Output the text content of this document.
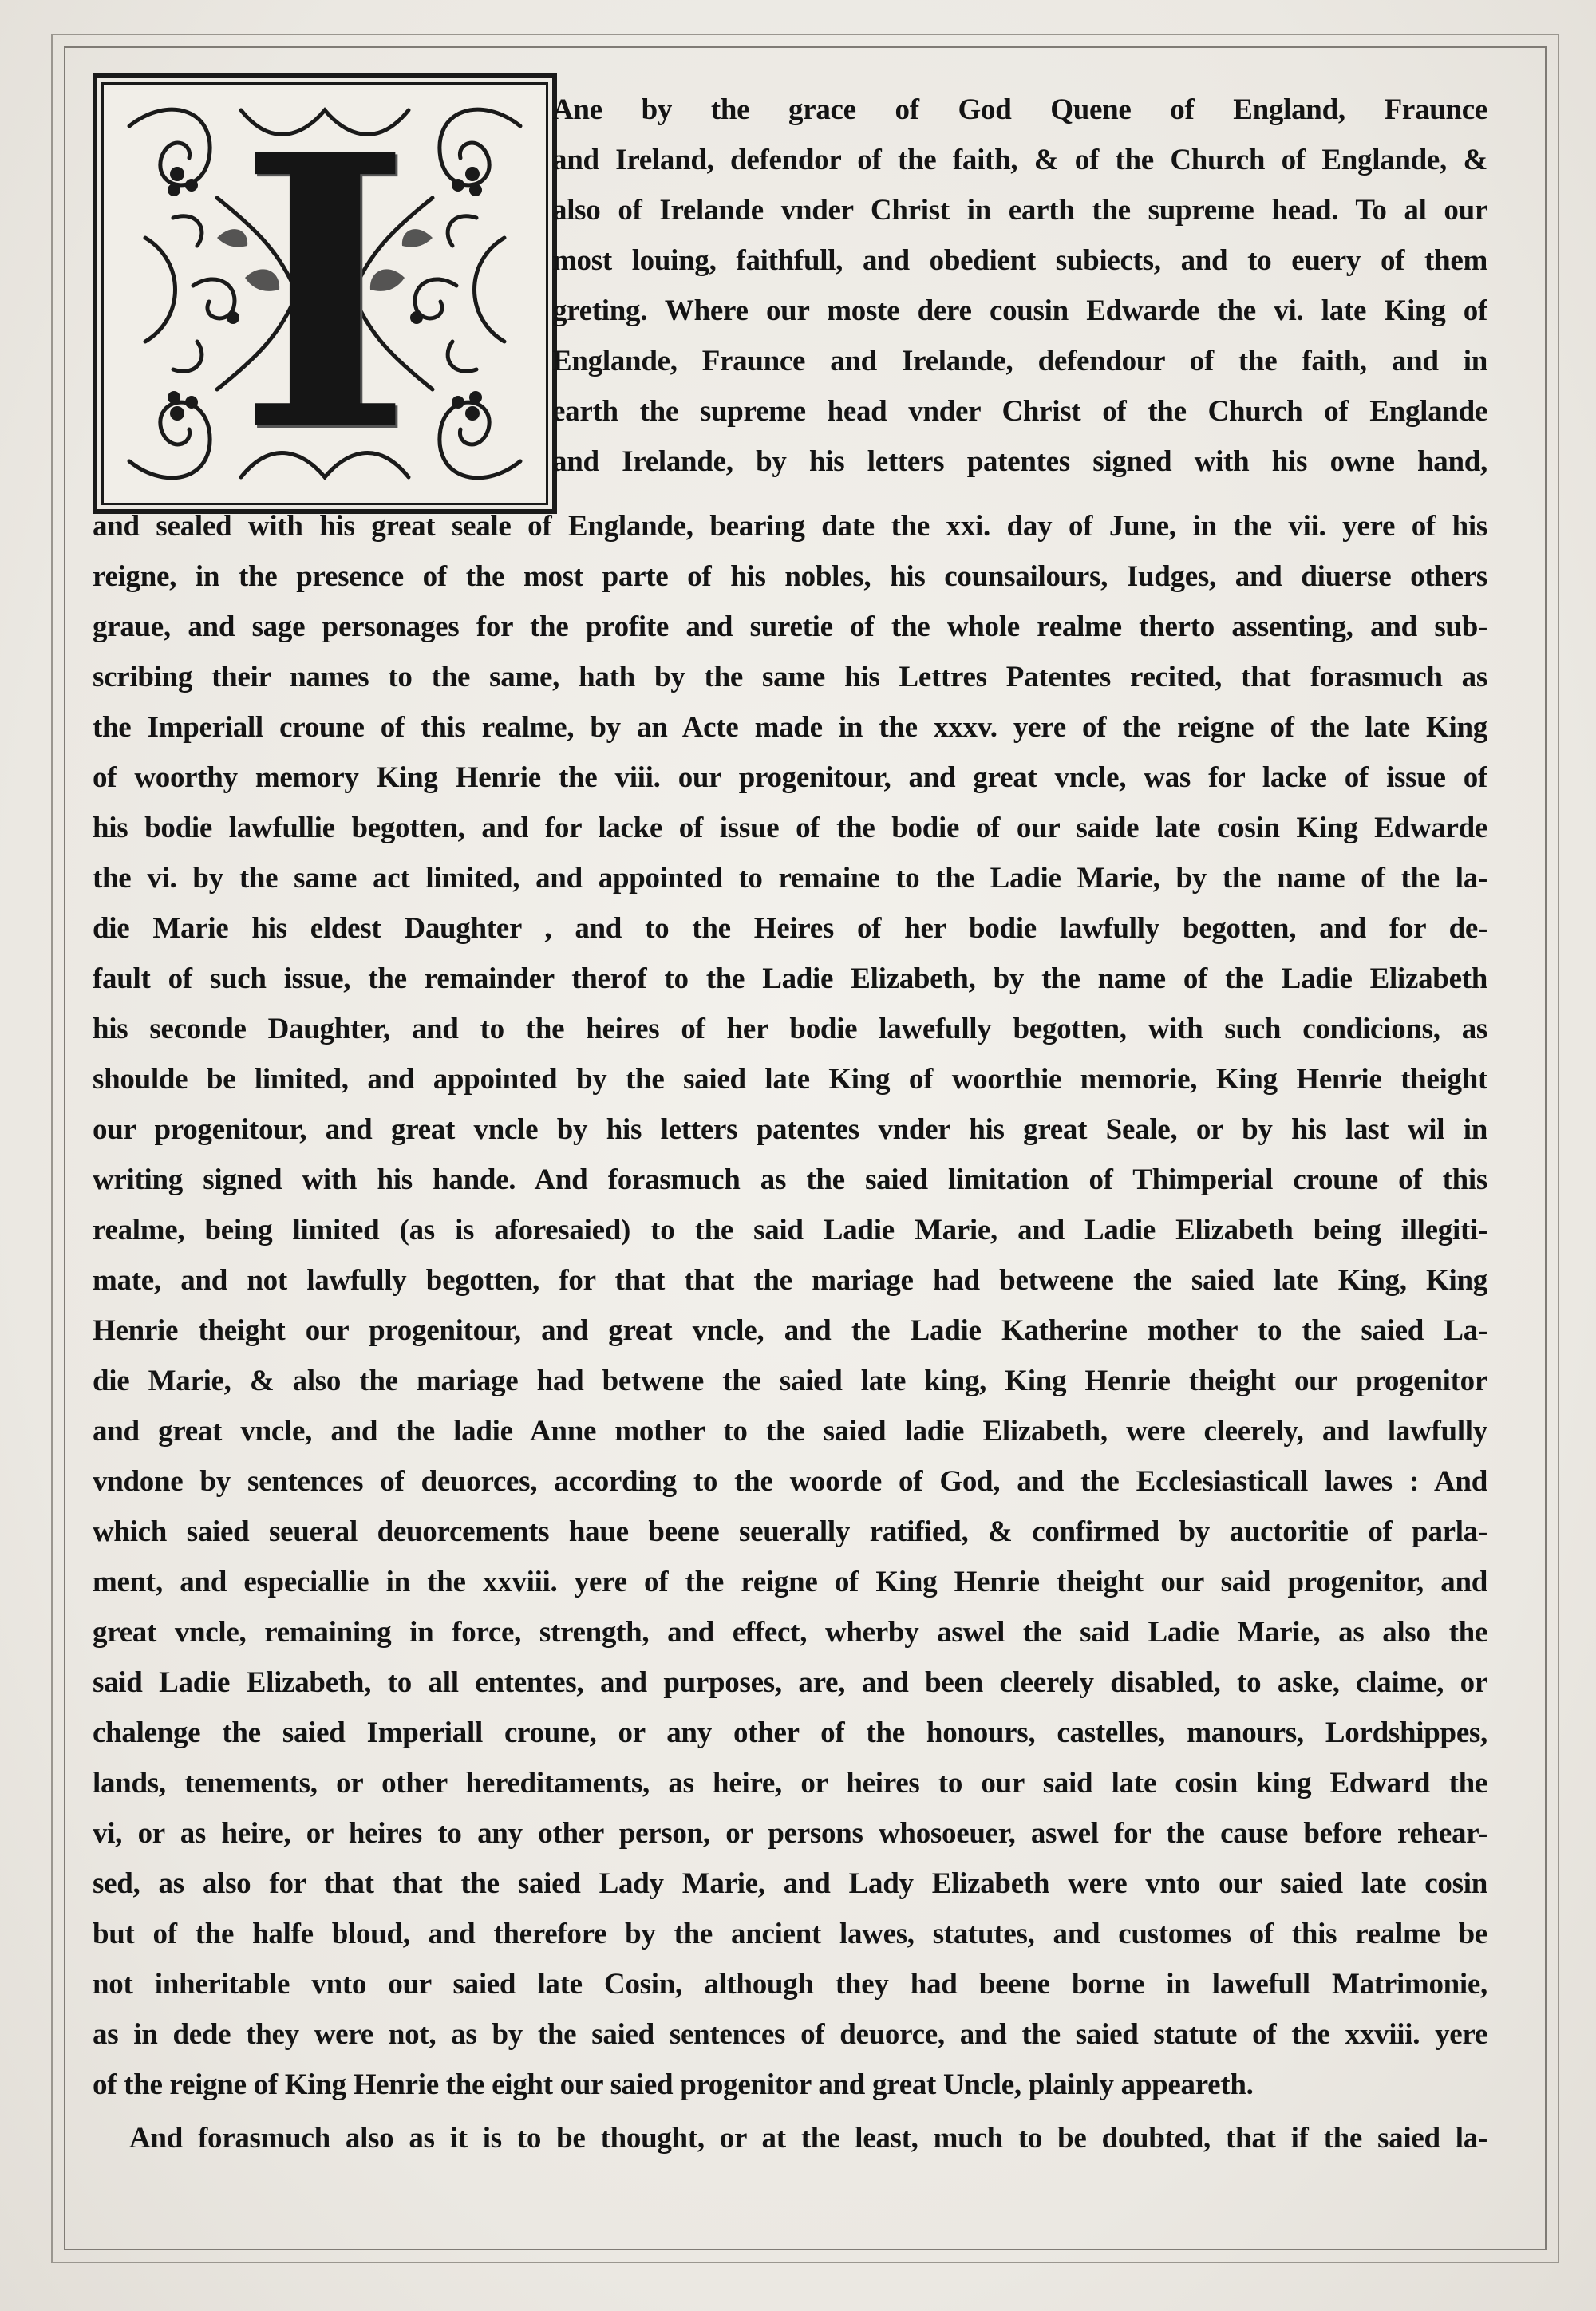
I	Ane by the grace of God Quene of England, Fraunce
and Ireland, defendor of the faith, & of the Church of Englande, &
also of Irelande vnder Christ in earth the supreme head. To al our
most louing, faithfull, and obedient subiects, and to euery of them
greting. Where our moste dere cousin Edwarde the vi. late King of
Englande, Fraunce and Irelande, defendour of the faith, and in
earth the supreme head vnder Christ of the Church of Englande
and Irelande, by his letters patentes signed with his owne hand,
and sealed with his great seale of Englande, bearing date the xxi. day of June, in the vii. yere of his
reigne, in the presence of the most parte of his nobles, his counsailours, Iudges, and diuerse others
graue, and sage personages for the profite and suretie of the whole realme therto assenting, and sub-
scribing their names to the same, hath by the same his Lettres Patentes recited, that forasmuch as
the Imperiall croune of this realme, by an Acte made in the xxxv. yere of the reigne of the late King
of woorthy memory King Henrie the viii. our progenitour, and great vncle, was for lacke of issue of
his bodie lawfullie begotten, and for lacke of issue of the bodie of our saide late cosin King Edwarde
the vi. by the same act limited, and appointed to remaine to the Ladie Marie, by the name of the la-
die Marie his eldest Daughter , and to the Heires of her bodie lawfully begotten, and for de-
fault of such issue, the remainder therof to the Ladie Elizabeth, by the name of the Ladie Elizabeth
his seconde Daughter, and to the heires of her bodie lawefully begotten, with such condicions, as
shoulde be limited, and appointed by the saied late King of woorthie memorie, King Henrie theight
our progenitour, and great vncle by his letters patentes vnder his great Seale, or by his last wil in
writing signed with his hande. And forasmuch as the saied limitation of Thimperial croune of this
realme, being limited (as is aforesaied) to the said Ladie Marie, and Ladie Elizabeth being illegiti-
mate, and not lawfully begotten, for that that the mariage had betweene the saied late King, King
Henrie theight our progenitour, and great vncle, and the Ladie Katherine mother to the saied La-
die Marie, & also the mariage had betwene the saied late king, King Henrie theight our progenitor
and great vncle, and the ladie Anne mother to the saied ladie Elizabeth, were cleerely, and lawfully
vndone by sentences of deuorces, according to the woorde of God, and the Ecclesiasticall lawes : And
which saied seueral deuorcements haue beene seuerally ratified, & confirmed by auctoritie of parla-
ment, and especiallie in the xxviii. yere of the reigne of King Henrie theight our said progenitor, and
great vncle, remaining in force, strength, and effect, wherby aswel the said Ladie Marie, as also the
said Ladie Elizabeth, to all ententes, and purposes, are, and been cleerely disabled, to aske, claime, or
chalenge the saied Imperiall croune, or any other of the honours, castelles, manours, Lordshippes,
lands, tenements, or other hereditaments, as heire, or heires to our said late cosin king Edward the
vi, or as heire, or heires to any other person, or persons whosoeuer, aswel for the cause before rehear-
sed, as also for that that the saied Lady Marie, and Lady Elizabeth were vnto our saied late cosin
but of the halfe bloud, and therefore by the ancient lawes, statutes, and customes of this realme be
not inheritable vnto our saied late Cosin, although they had beene borne in lawefull Matrimonie,
as in dede they were not, as by the saied sentences of deuorce, and the saied statute of the xxviii. yere
of the reigne of King Henrie the eight our saied progenitor and great Uncle, plainly appeareth.
And forasmuch also as it is to be thought, or at the least, much to be doubted, that if the saied la-
